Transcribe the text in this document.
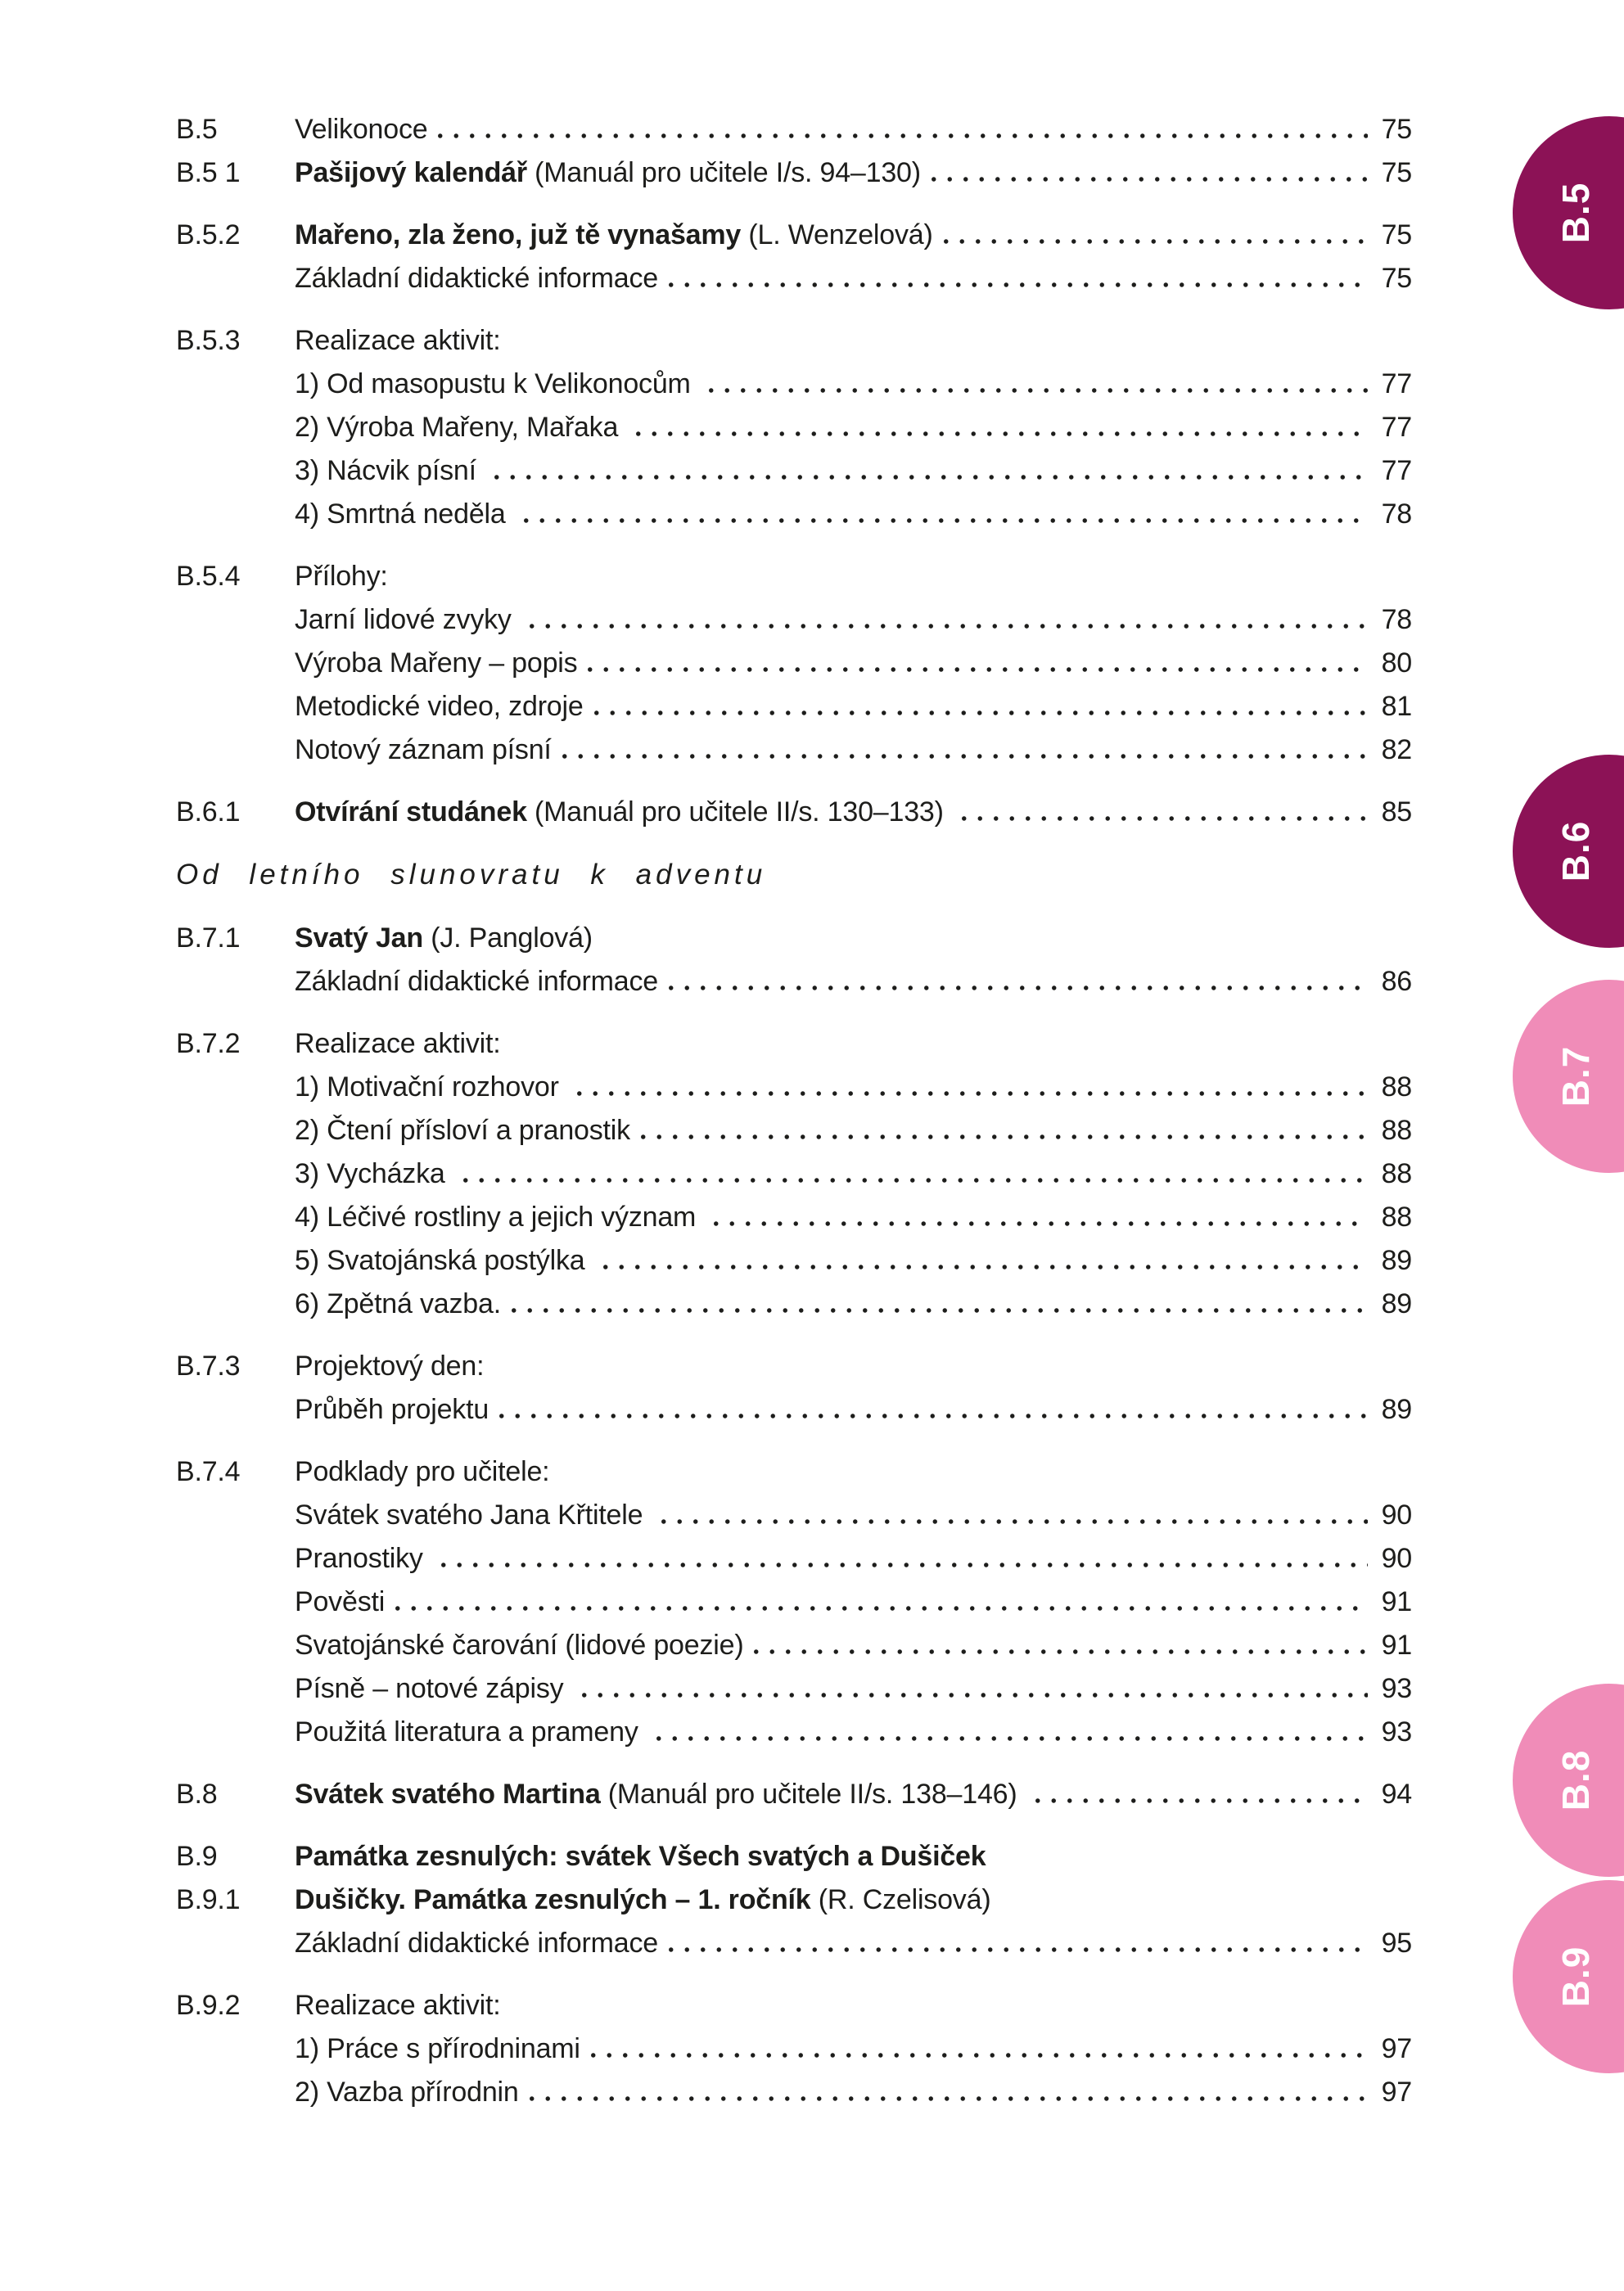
B.5	Velikonoce	75
B.5 1	Pašijový kalendář (Manuál pro učitele I/s. 94–130)	75
B.5.2	Mařeno, zla ženo, juž tě vynašamy (L. Wenzelová)	75
Základní didaktické informace	75
B.5.3	Realizace aktivit:
1) Od masopustu k Velikonocům	77
2) Výroba Mařeny, Mařaka	77
3) Nácvik písní	77
4) Smrtná neděla	78
B.5.4	Přílohy:
Jarní lidové zvyky	78
Výroba Mařeny – popis	80
Metodické video, zdroje	81
Notový záznam písní	82
B.6.1	Otvírání studánek (Manuál pro učitele II/s. 130–133)	85
Od letního slunovratu k adventu
B.7.1	Svatý Jan (J. Panglová)
Základní didaktické informace	86
B.7.2	Realizace aktivit:
1) Motivační rozhovor	88
2) Čtení přísloví a pranostik	88
3) Vycházka	88
4) Léčivé rostliny a jejich význam	88
5) Svatojánská postýlka	89
6) Zpětná vazba.	89
B.7.3	Projektový den:
Průběh projektu	89
B.7.4	Podklady pro učitele:
Svátek svatého Jana Křtitele	90
Pranostiky	90
Pověsti	91
Svatojánské čarování (lidové poezie)	91
Písně – notové zápisy	93
Použitá literatura a prameny	93
B.8	Svátek svatého Martina (Manuál pro učitele II/s. 138–146)	94
B.9	Památka zesnulých: svátek Všech svatých a Dušiček
B.9.1	Dušičky. Památka zesnulých – 1. ročník (R. Czelisová)
Základní didaktické informace	95
B.9.2	Realizace aktivit:
1) Práce s přírodninami	97
2) Vazba přírodnin	97
B.5
B.6
B.7
B.8
B.9
